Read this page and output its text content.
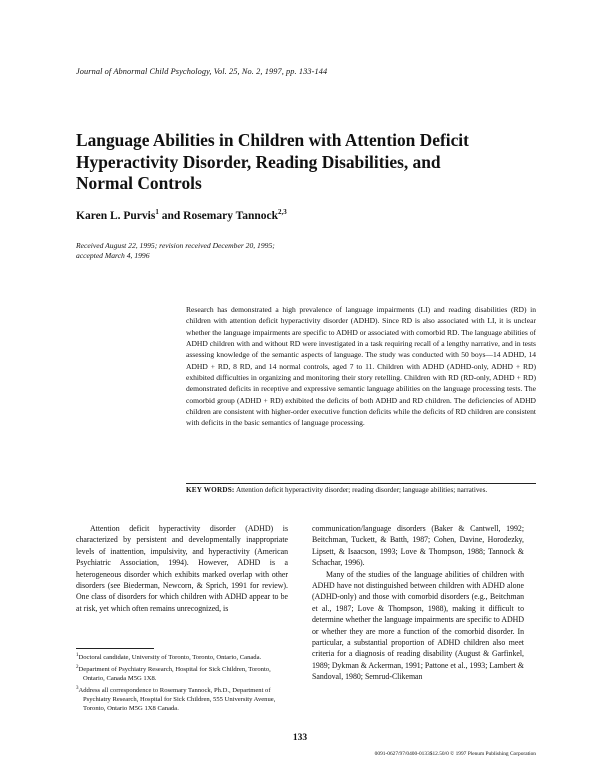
Journal of Abnormal Child Psychology, Vol. 25, No. 2, 1997, pp. 133-144
Language Abilities in Children with Attention Deficit
Hyperactivity Disorder, Reading Disabilities, and
Normal Controls
Karen L. Purvis$^1$ and Rosemary Tannock$^{2,3}$
Received August 22, 1995; revision received December 20, 1995;
accepted March 4, 1996

Research has demonstrated a high prevalence of language impairments (LI) and reading disabilities (RD) in children with attention deficit hyperactivity disorder (ADHD). Since RD is also associated with LI, it is unclear whether the language impairments are specific to ADHD or associated with comorbid RD. The language abilities of ADHD children with and without RD were investigated in a task requiring recall of a lengthy narrative, and in tests assessing knowledge of the semantic aspects of language. The study was conducted with 50 boys—14 ADHD, 14 ADHD + RD, 8 RD, and 14 normal controls, aged 7 to 11. Children with ADHD (ADHD-only, ADHD + RD) exhibited difficulties in organizing and monitoring their story retelling. Children with RD (RD-only, ADHD + RD) demonstrated deficits in receptive and expressive semantic language abilities on the language processing tests. The comorbid group (ADHD + RD) exhibited the deficits of both ADHD and RD children. The deficiencies of ADHD children are consistent with higher-order executive function deficits while the deficits of RD children are consistent with deficits in the basic semantics of language processing.

KEY WORDS: Attention deficit hyperactivity disorder; reading disorder; language abilities; narratives.

Attention deficit hyperactivity disorder (ADHD) is characterized by persistent and developmentally inappropriate levels of inattention, impulsivity, and hyperactivity (American Psychiatric Association, 1994). However, ADHD is a heterogeneous disorder which exhibits marked overlap with other disorders (see Biederman, Newcorn, & Sprich, 1991 for review). One class of disorders for which children with ADHD appear to be at risk, yet which often remains unrecognized, is

communication/language disorders (Baker & Cantwell, 1992; Beitchman, Tuckett, & Batth, 1987; Cohen, Davine, Horodezky, Lipsett, & Isaacson, 1993; Love & Thompson, 1988; Tannock & Schachar, 1996).

Many of the studies of the language abilities of children with ADHD have not distinguished between children with ADHD alone (ADHD-only) and those with comorbid disorders (e.g., Beitchman et al., 1987; Love & Thompson, 1988), making it difficult to determine whether the language impairments are specific to ADHD or whether they are more a function of the comorbid disorder. In particular, a substantial proportion of ADHD children also meet criteria for a diagnosis of reading disability (August & Garfinkel, 1989; Dykman & Ackerman, 1991; Pattone et al., 1993; Lambert & Sandoval, 1980; Semrud-Clikeman

$^1$Doctoral candidate, University of Toronto, Toronto, Ontario, Canada.
$^2$Department of Psychiatry Research, Hospital for Sick Children, Toronto, Ontario, Canada M5G 1X8.
$^3$Address all correspondence to Rosemary Tannock, Ph.D., Department of Psychiatry Research, Hospital for Sick Children, 555 University Avenue, Toronto, Ontario M5G 1X8 Canada.
133
0091-0627/97/0400-0133$12.50/0 © 1997 Plenum Publishing Corporation
